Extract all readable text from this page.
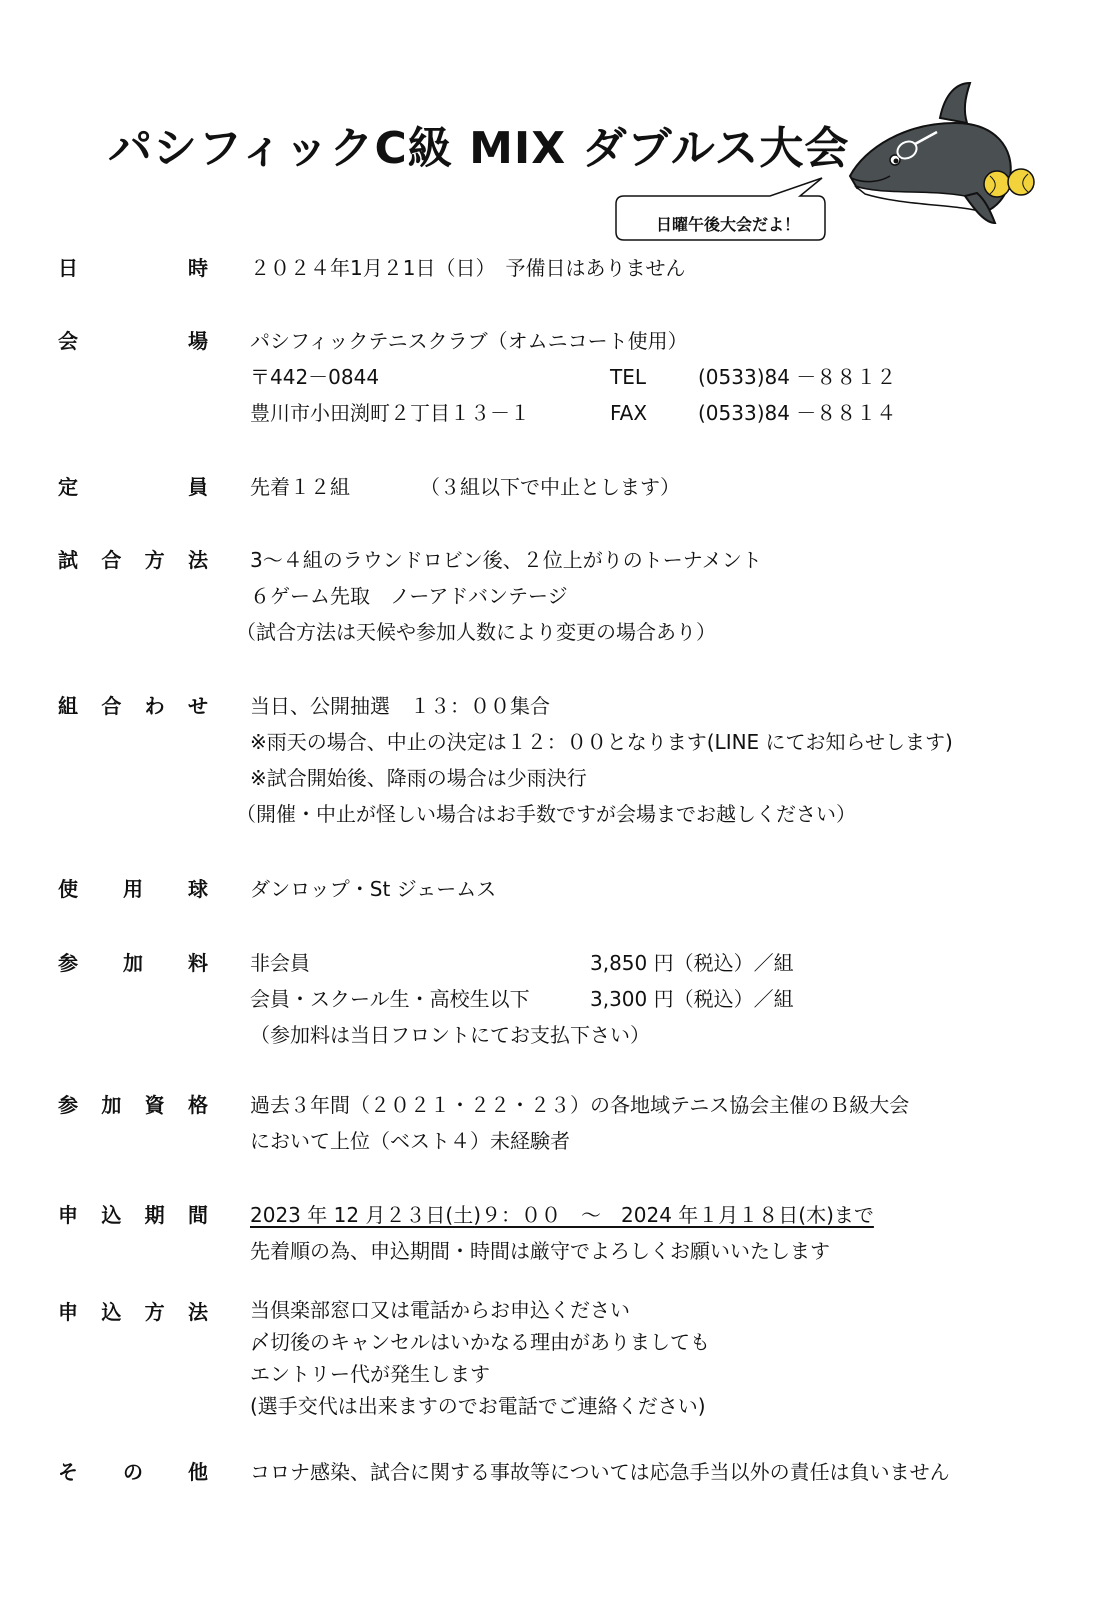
パシフィックC級 MIX ダブルス大会
日曜午後大会だよ！
日	時 ２０２４年1月２1日（日）　予備日はありません
会	場 パシフィックテニスクラブ（オムニコート使用）
〒442－0844	TEL	(0533)84 －８８１２
豊川市小田渕町２丁目１３－１	FAX	(0533)84 －８８１４
定	員 先着１２組	（３組以下で中止とします）
試 合 方 法 3～４組のラウンドロビン後、２位上がりのトーナメント
６ゲーム先取　ノーアドバンテージ
（試合方法は天候や参加人数により変更の場合あり）
組 合 わ せ 当日、公開抽選　１３：００集合
※雨天の場合、中止の決定は１２：００となります(LINE にてお知らせします)
※試合開始後、降雨の場合は少雨決行
（開催・中止が怪しい場合はお手数ですが会場までお越しください）
使 用 球 ダンロップ・St ジェームス
参 加 料 非会員	3,850 円（税込）／組
会員・スクール生・高校生以下	3,300 円（税込）／組
（参加料は当日フロントにてお支払下さい）
参 加 資 格 過去３年間（２０２１・２２・２３）の各地域テニス協会主催のＢ級大会
において上位（ベスト４）未経験者
申 込 期 間 2023 年 12 月２３日(土)９：００　～　2024 年１月１８日(木)まで
先着順の為、申込期間・時間は厳守でよろしくお願いいたします
申 込 方 法 当倶楽部窓口又は電話からお申込ください
〆切後のキャンセルはいかなる理由がありましても
エントリー代が発生します
(選手交代は出来ますのでお電話でご連絡ください)
そ の 他 コロナ感染、試合に関する事故等については応急手当以外の責任は負いません
